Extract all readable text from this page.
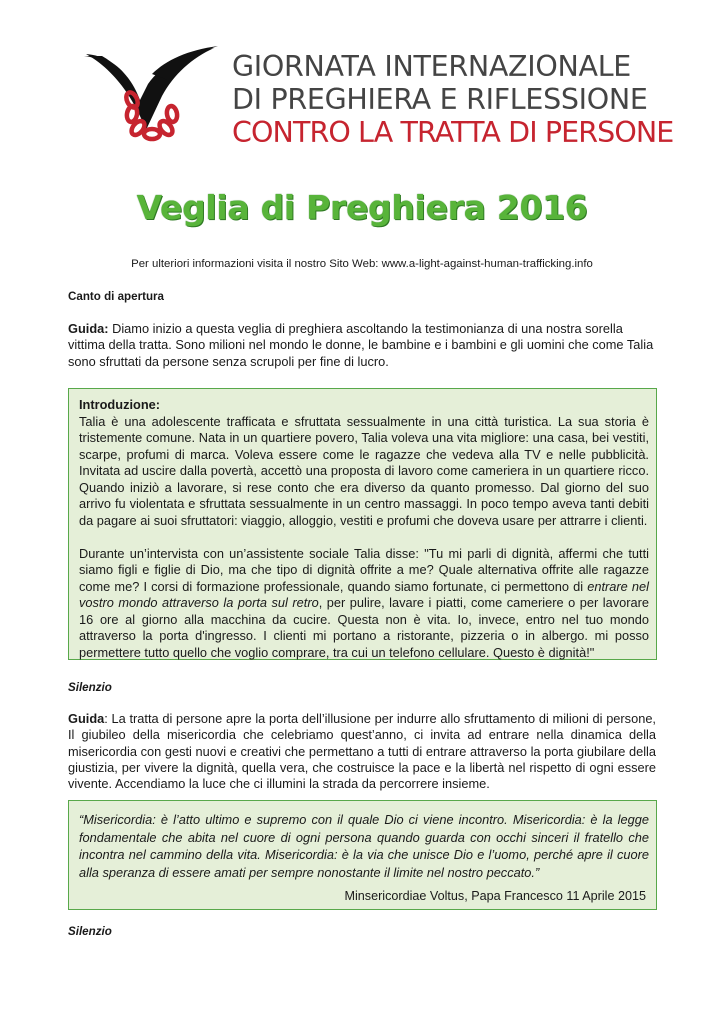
GIORNATA INTERNAZIONALE
DI PREGHIERA E RIFLESSIONE
CONTRO LA TRATTA DI PERSONE
Veglia di Preghiera 2016
Per ulteriori informazioni visita il nostro Sito Web: www.a-light-against-human-trafficking.info
Canto di apertura
Guida: Diamo inizio a questa veglia di preghiera ascoltando la testimonianza di una nostra sorella vittima della tratta. Sono milioni nel mondo le donne, le bambine e i bambini e gli uomini che come Talia sono sfruttati da persone senza scrupoli per fine di lucro.
Introduzione:

Talia è una adolescente trafficata e sfruttata sessualmente in una città turistica. La sua storia è tristemente comune. Nata in un quartiere povero, Talia voleva una vita migliore: una casa, bei vestiti, scarpe, profumi di marca. Voleva essere come le ragazze che vedeva alla TV e nelle pubblicità. Invitata ad uscire dalla povertà, accettò una proposta di lavoro come cameriera in un quartiere ricco. Quando iniziò a lavorare, si rese conto che era diverso da quanto promesso. Dal giorno del suo arrivo fu violentata e sfruttata sessualmente in un centro massaggi. In poco tempo aveva tanti debiti da pagare ai suoi sfruttatori: viaggio, alloggio, vestiti e profumi che doveva usare per attrarre i clienti.

Durante un’intervista con un’assistente sociale Talia disse: "Tu mi parli di dignità, affermi che tutti siamo figli e figlie di Dio, ma che tipo di dignità offrite a me? Quale alternativa offrite alle ragazze come me? I corsi di formazione professionale, quando siamo fortunate, ci permettono di entrare nel vostro mondo attraverso la porta sul retro, per pulire, lavare i piatti, come cameriere o per lavorare 16 ore al giorno alla macchina da cucire. Questa non è vita. Io, invece, entro nel tuo mondo attraverso la porta d'ingresso. I clienti mi portano a ristorante, pizzeria o in albergo. mi posso permettere tutto quello che voglio comprare, tra cui un telefono cellulare. Questo è dignità!"

Silenzio
Guida: La tratta di persone apre la porta dell’illusione per indurre allo sfruttamento di milioni di persone, Il giubileo della misericordia che celebriamo quest’anno, ci invita ad entrare nella dinamica della misericordia con gesti nuovi e creativi che permettano a tutti di entrare attraverso la porta giubilare della giustizia, per vivere la dignità, quella vera, che costruisce la pace e la libertà nel rispetto di ogni essere vivente. Accendiamo la luce che ci illumini la strada da percorrere insieme.
“Misericordia: è l’atto ultimo e supremo con il quale Dio ci viene incontro. Misericordia: è la legge fondamentale che abita nel cuore di ogni persona quando guarda con occhi sinceri il fratello che incontra nel cammino della vita. Misericordia: è la via che unisce Dio e l’uomo, perché apre il cuore alla speranza di essere amati per sempre nonostante il limite nel nostro peccato.”
Minsericordiae Voltus, Papa Francesco 11 Aprile 2015
Silenzio
